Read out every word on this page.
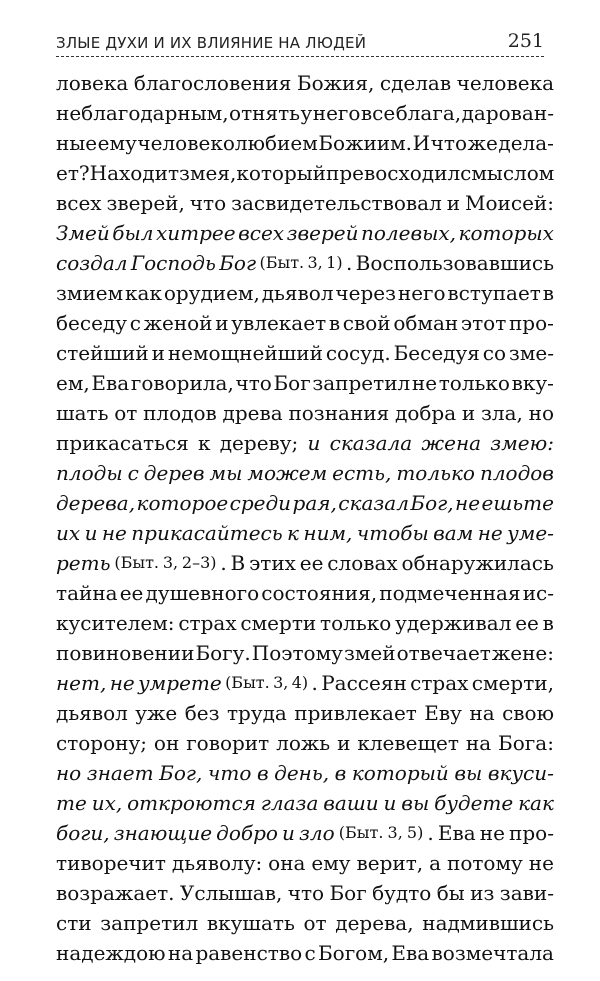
ЗЛЫЕ ДУХИ И ИХ ВЛИЯНИЕ НА ЛЮДЕЙ	251
ловека благословения Божия, сделав человека
неблагодарным, отнять у него все блага, дарован-
ные ему человеколюбием Божиим. И что же дела-
ет? Находит змея, который превосходил смыслом
всех зверей, что засвидетельствовал и Моисей:
Змей был хитрее всех зверей полевых, которых
создал Господь Бог (Быт. 3, 1) . Воспользовавшись
змием как орудием, дьявол через него вступает в
беседу с женой и увлекает в свой обман этот про-
стейший и немощнейший сосуд. Беседуя со зме-
ем, Ева говорила, что Бог запретил не только вку-
шать от плодов древа познания добра и зла, но
прикасаться к дереву; и сказала жена змею:
плоды с дерев мы можем есть, только плодов
дерева, которое среди рая, сказал Бог, не ешьте
их и не прикасайтесь к ним, чтобы вам не уме-
реть (Быт. 3, 2–3) . В этих ее словах обнаружилась
тайна ее душевного состояния, подмеченная ис-
кусителем: страх смерти только удерживал ее в
повиновении Богу. Поэтому змей отвечает жене:
нет, не умрете (Быт. 3, 4) . Рассеян страх смерти,
дьявол уже без труда привлекает Еву на свою
сторону; он говорит ложь и клевещет на Бога:
но знает Бог, что в день, в который вы вкуси-
те их, откроются глаза ваши и вы будете как
боги, знающие добро и зло (Быт. 3, 5) . Ева не про-
тиворечит дьяволу: она ему верит, а потому не
возражает. Услышав, что Бог будто бы из зави-
сти запретил вкушать от дерева, надмившись
надеждою на равенство с Богом, Ева возмечтала
